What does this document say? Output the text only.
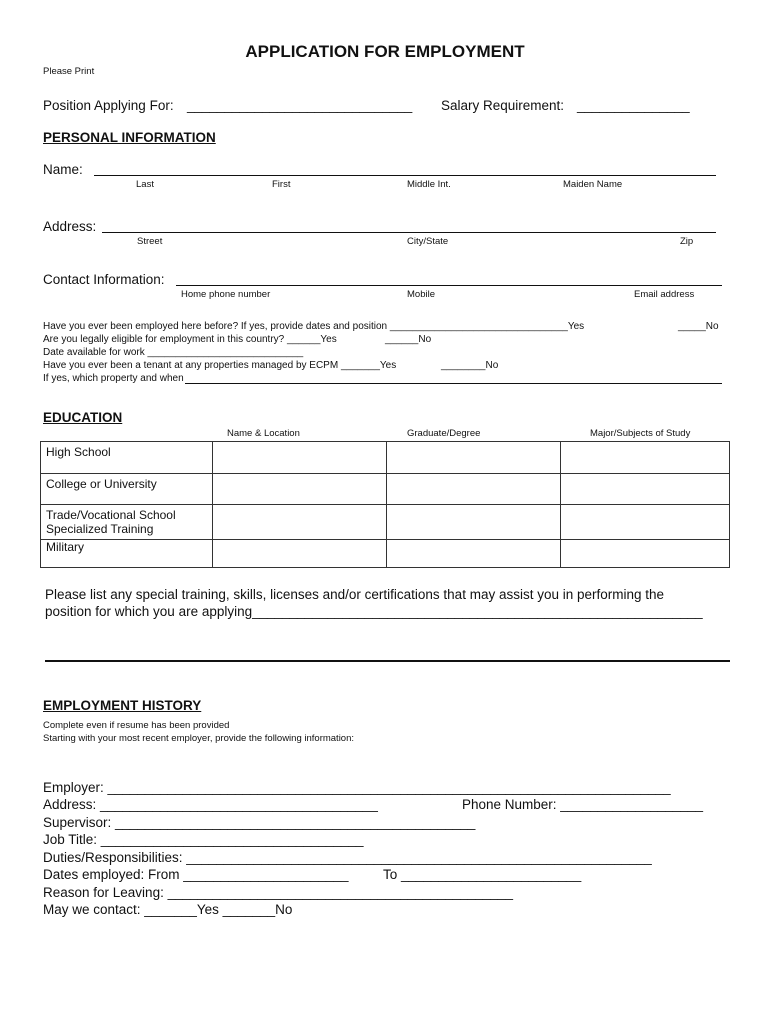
APPLICATION FOR EMPLOYMENT
Please Print
Position Applying For: ______________________________ Salary Requirement: _______________
PERSONAL INFORMATION
Name:
Last	First	Middle Int.	Maiden Name
Address:
Street	City/State	Zip
Contact Information:
Home phone number	Mobile	Email address
Have you ever been employed here before? If yes, provide dates and position ________________________________Yes	_____No
Are you legally eligible for employment in this country? ______Yes	______No
Date available for work ____________________________
Have you ever been a tenant at any properties managed by ECPM _______Yes	________No
If yes, which property and when
EDUCATION
Name & Location	Graduate/Degree	Major/Subjects of Study
High School			
College or University			
Trade/Vocational School
Specialized Training			
Military			
Please list any special training, skills, licenses and/or certifications that may assist you in performing the
position for which you are applying____________________________________________________________
EMPLOYMENT HISTORY
Complete even if resume has been provided
Starting with your most recent employer, provide the following information:
Employer: ___________________________________________________________________________
Address: _____________________________________	Phone Number: ___________________
Supervisor: ________________________________________________
Job Title: ___________________________________
Duties/Responsibilities: ______________________________________________________________
Dates employed: From ______________________	To ________________________
Reason for Leaving: ______________________________________________
May we contact: _______Yes _______No
